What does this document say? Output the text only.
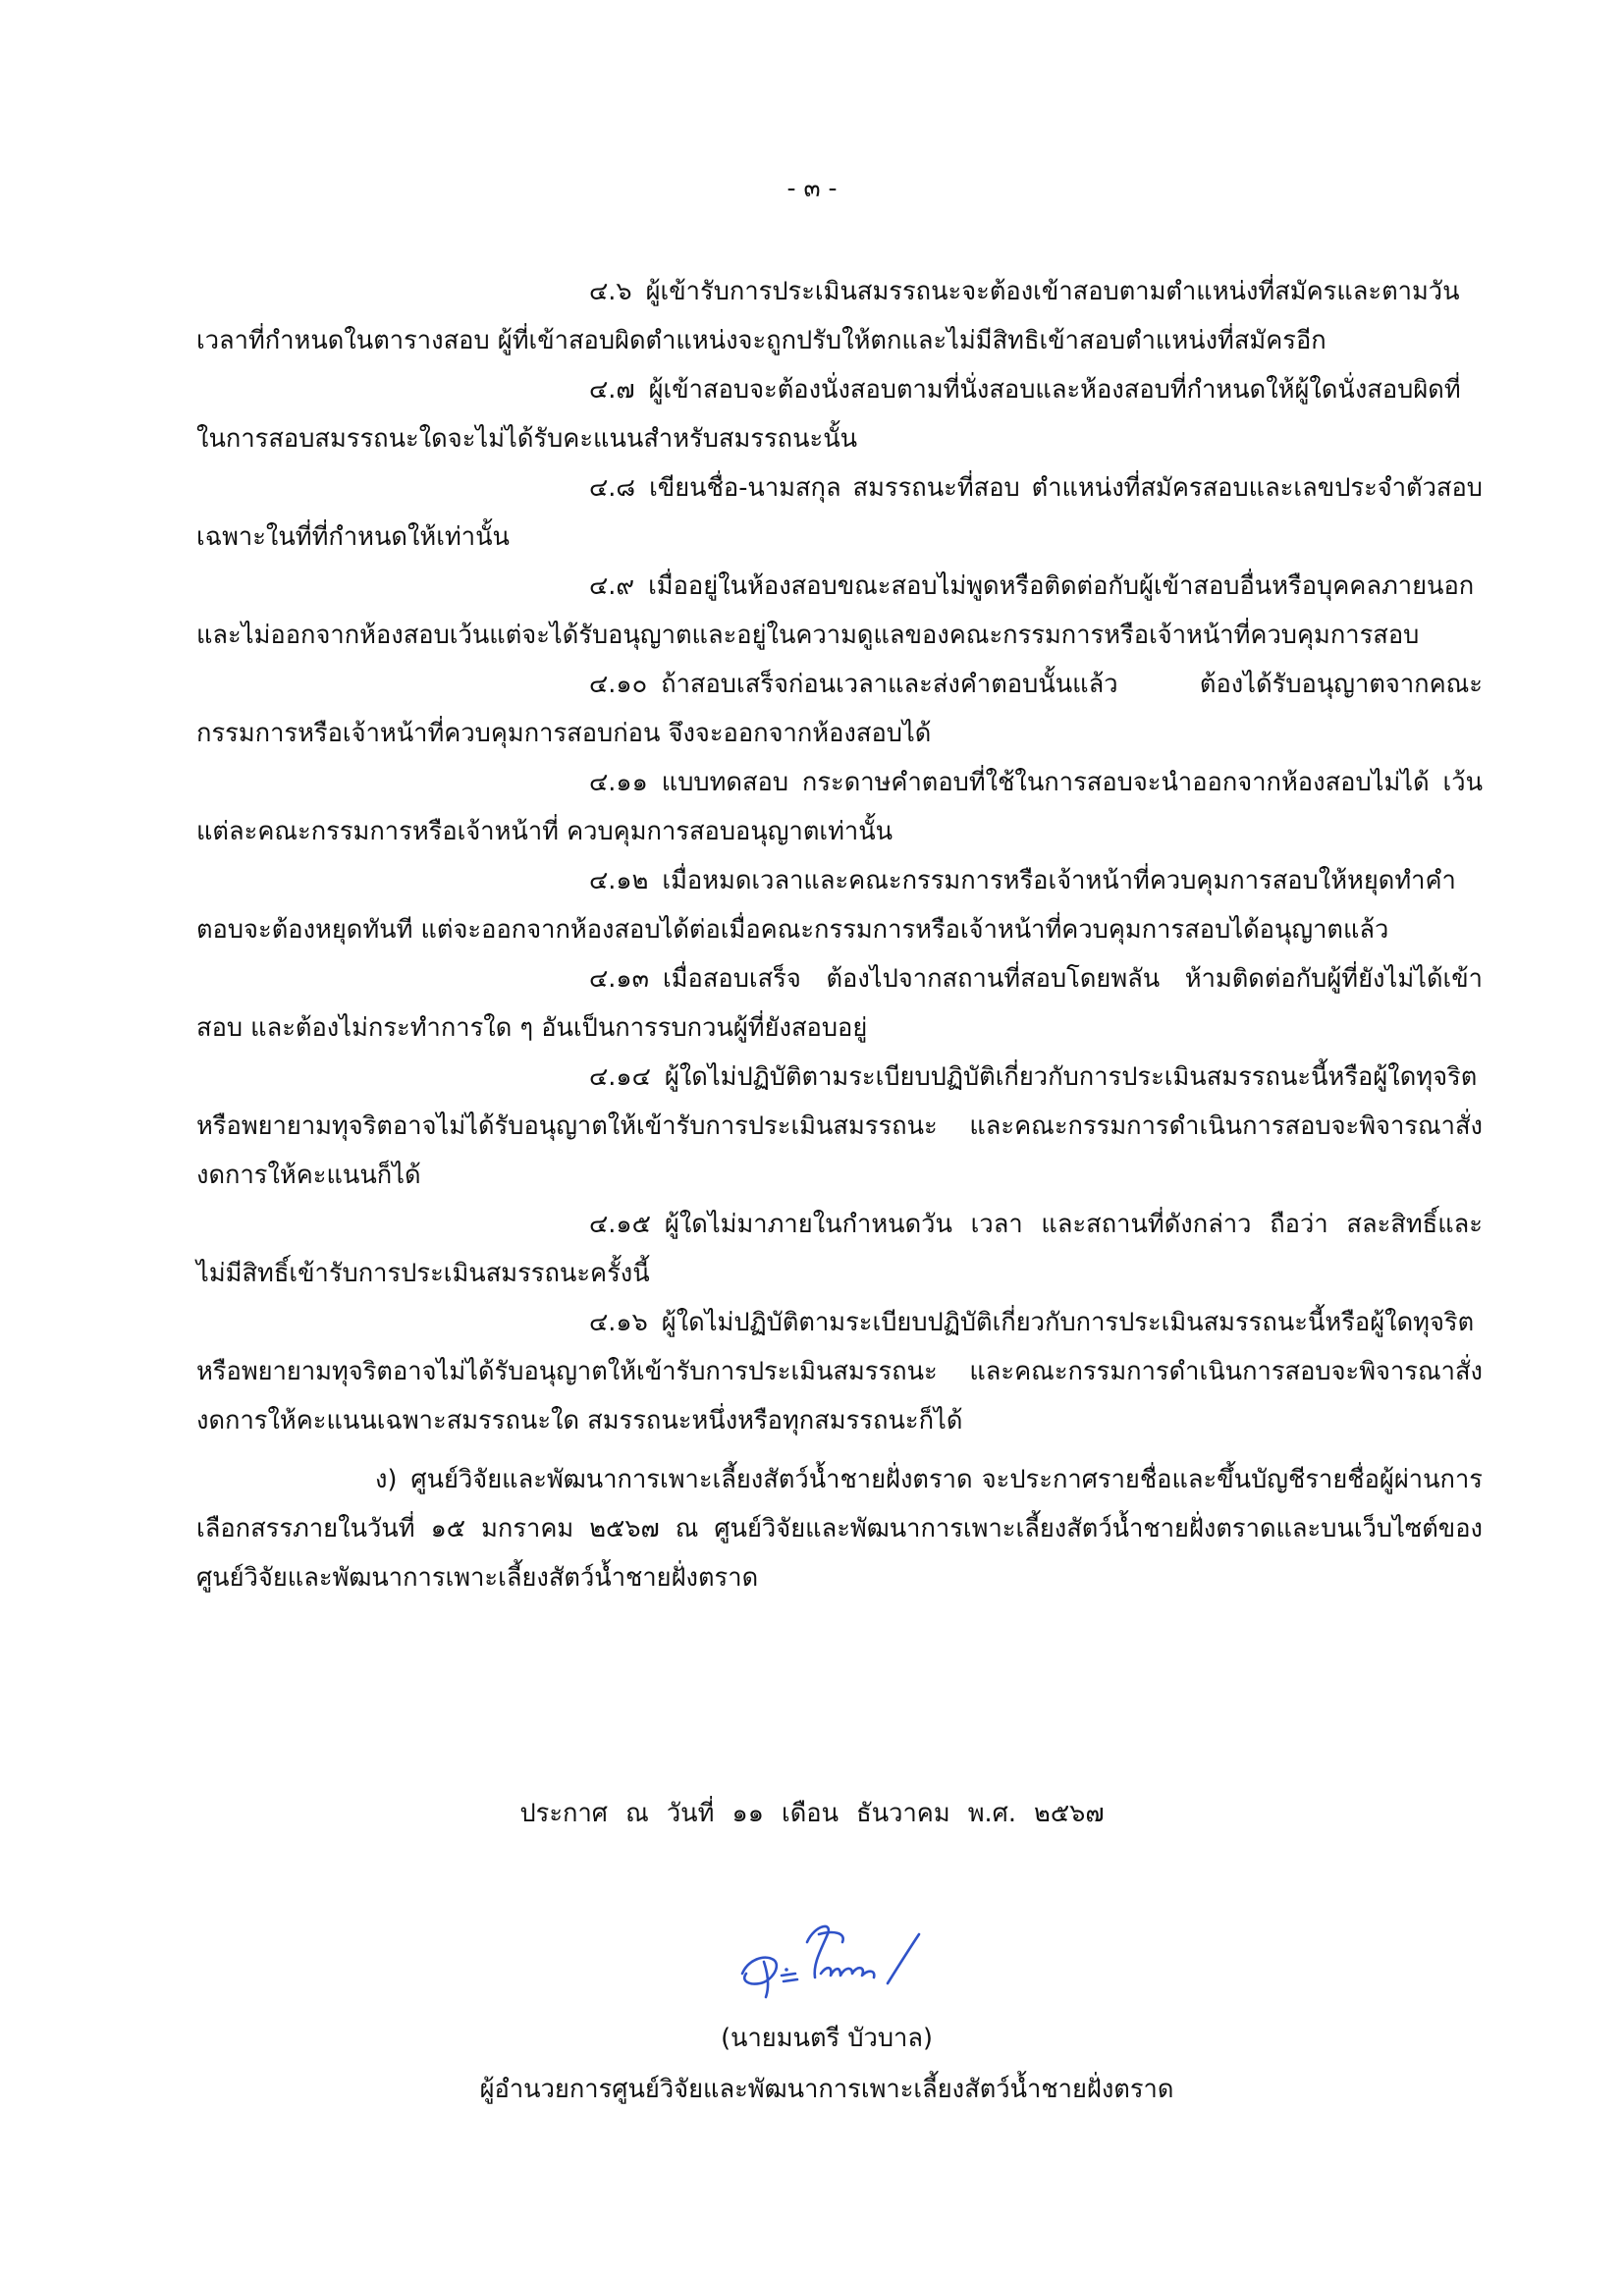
- ๓ -

๔.๖ ผู้เข้ารับการประเมินสมรรถนะจะต้องเข้าสอบตามตำแหน่งที่สมัครและตามวัน เวลาที่กำหนดในตารางสอบ ผู้ที่เข้าสอบผิดตำแหน่งจะถูกปรับให้ตกและไม่มีสิทธิเข้าสอบตำแหน่งที่สมัครอีก

๔.๗ ผู้เข้าสอบจะต้องนั่งสอบตามที่นั่งสอบและห้องสอบที่กำหนดให้ผู้ใดนั่งสอบผิดที่ในการสอบสมรรถนะใดจะไม่ได้รับคะแนนสำหรับสมรรถนะนั้น

๔.๘ เขียนชื่อ-นามสกุล สมรรถนะที่สอบ ตำแหน่งที่สมัครสอบและเลขประจำตัวสอบเฉพาะในที่ที่กำหนดให้เท่านั้น

๔.๙ เมื่ออยู่ในห้องสอบขณะสอบไม่พูดหรือติดต่อกับผู้เข้าสอบอื่นหรือบุคคลภายนอก และไม่ออกจากห้องสอบเว้นแต่จะได้รับอนุญาตและอยู่ในความดูแลของคณะกรรมการหรือเจ้าหน้าที่ควบคุมการสอบ

๔.๑๐ ถ้าสอบเสร็จก่อนเวลาและส่งคำตอบนั้นแล้ว ต้องได้รับอนุญาตจากคณะกรรมการหรือเจ้าหน้าที่ควบคุมการสอบก่อน จึงจะออกจากห้องสอบได้

๔.๑๑ แบบทดสอบ กระดาษคำตอบที่ใช้ในการสอบจะนำออกจากห้องสอบไม่ได้ เว้นแต่ละคณะกรรมการหรือเจ้าหน้าที่ ควบคุมการสอบอนุญาตเท่านั้น

๔.๑๒ เมื่อหมดเวลาและคณะกรรมการหรือเจ้าหน้าที่ควบคุมการสอบให้หยุดทำคำตอบจะต้องหยุดทันที แต่จะออกจากห้องสอบได้ต่อเมื่อคณะกรรมการหรือเจ้าหน้าที่ควบคุมการสอบได้อนุญาตแล้ว

๔.๑๓ เมื่อสอบเสร็จ ต้องไปจากสถานที่สอบโดยพลัน ห้ามติดต่อกับผู้ที่ยังไม่ได้เข้าสอบ และต้องไม่กระทำการใด ๆ อันเป็นการรบกวนผู้ที่ยังสอบอยู่

๔.๑๔ ผู้ใดไม่ปฏิบัติตามระเบียบปฏิบัติเกี่ยวกับการประเมินสมรรถนะนี้หรือผู้ใดทุจริต หรือพยายามทุจริตอาจไม่ได้รับอนุญาตให้เข้ารับการประเมินสมรรถนะ และคณะกรรมการดำเนินการสอบจะพิจารณาสั่งงดการให้คะแนนก็ได้

๔.๑๕ ผู้ใดไม่มาภายในกำหนดวัน เวลา และสถานที่ดังกล่าว ถือว่า สละสิทธิ์และไม่มีสิทธิ์เข้ารับการประเมินสมรรถนะครั้งนี้

๔.๑๖ ผู้ใดไม่ปฏิบัติตามระเบียบปฏิบัติเกี่ยวกับการประเมินสมรรถนะนี้หรือผู้ใดทุจริต หรือพยายามทุจริตอาจไม่ได้รับอนุญาตให้เข้ารับการประเมินสมรรถนะ และคณะกรรมการดำเนินการสอบจะพิจารณาสั่งงดการให้คะแนนเฉพาะสมรรถนะใด สมรรถนะหนึ่งหรือทุกสมรรถนะก็ได้

ง) ศูนย์วิจัยและพัฒนาการเพาะเลี้ยงสัตว์น้ำชายฝั่งตราด จะประกาศรายชื่อและขึ้นบัญชีรายชื่อผู้ผ่านการเลือกสรรภายในวันที่ ๑๕ มกราคม ๒๕๖๗ ณ ศูนย์วิจัยและพัฒนาการเพาะเลี้ยงสัตว์น้ำชายฝั่งตราดและบนเว็บไซต์ของศูนย์วิจัยและพัฒนาการเพาะเลี้ยงสัตว์น้ำชายฝั่งตราด

ประกาศ ณ วันที่ ๑๑ เดือน ธันวาคม พ.ศ. ๒๕๖๗
(นายมนตรี บัวบาล)
ผู้อำนวยการศูนย์วิจัยและพัฒนาการเพาะเลี้ยงสัตว์น้ำชายฝั่งตราด
